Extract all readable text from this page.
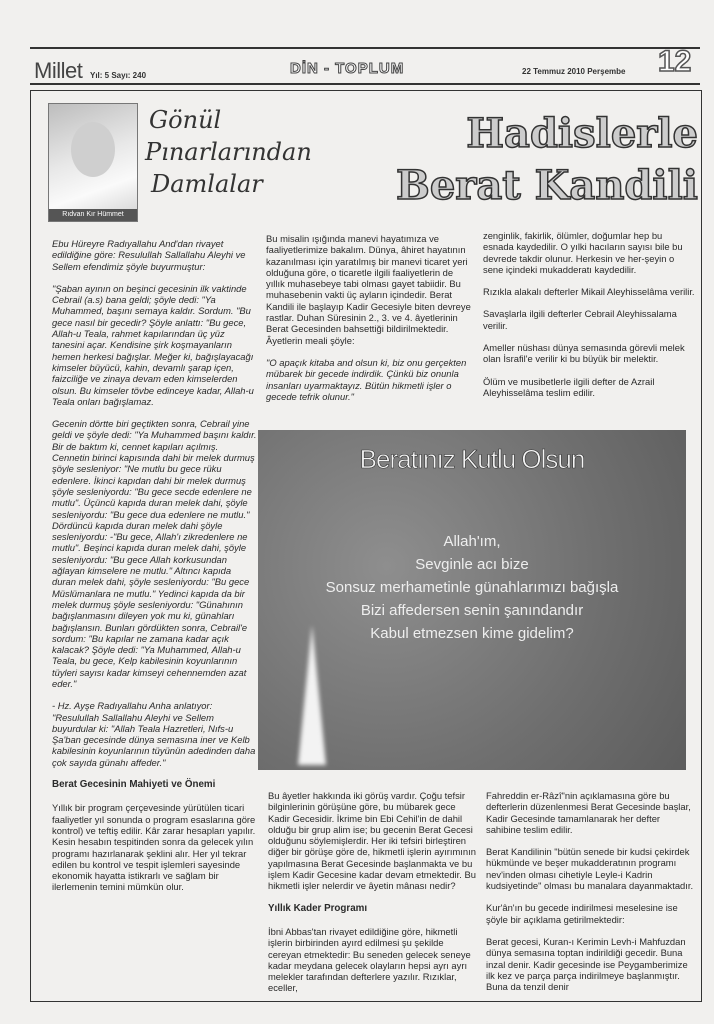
Millet Yıl: 5 Sayı: 240	DİN - TOPLUM	22 Temmuz 2010 Perşembe 12
Rıdvan Kır Hümmet
Gönül
Pınarlarından
Damlalar
Hadislerle
Berat Kandili

Ebu Hüreyre Radıyallahu And'dan rivayet edildiğine göre: Resulullah Sallallahu Aleyhi ve Sellem efendimiz şöyle buyurmuştur:

"Şaban ayının on beşinci gecesinin ilk vaktinde Cebrail (a.s) bana geldi; şöyle dedi: "Ya Muhammed, başını semaya kaldır. Sordum. "Bu gece nasıl bir gecedir? Şöyle anlattı: "Bu gece, Allah-u Teala, rahmet kapılarından üç yüz tanesini açar. Kendisine şirk koşmayanların hemen herkesi bağışlar. Meğer ki, bağışlayacağı kimseler büyücü, kahin, devamlı şarap içen, faizciliğe ve zinaya devam eden kimselerden olsun. Bu kimseler tövbe edinceye kadar, Allah-u Teala onları bağışlamaz.

Gecenin dörtte biri geçtikten sonra, Cebrail yine geldi ve şöyle dedi: "Ya Muhammed başını kaldır. Bir de baktım ki, cennet kapıları açılmış. Cennetin birinci kapısında dahi bir melek durmuş şöyle sesleniyor: "Ne mutlu bu gece rüku edenlere. İkinci kapıdan dahi bir melek durmuş şöyle sesleniyordu: "Bu gece secde edenlere ne mutlu". Üçüncü kapıda duran melek dahi, şöyle sesleniyordu: "Bu gece dua edenlere ne mutlu." Dördüncü kapıda duran melek dahi şöyle sesleniyordu: -"Bu gece, Allah'ı zikredenlere ne mutlu". Beşinci kapıda duran melek dahi, şöyle sesleniyordu: "Bu gece Allah korkusundan ağlayan kimselere ne mutlu." Altıncı kapıda duran melek dahi, şöyle sesleniyordu: "Bu gece Müslümanlara ne mutlu." Yedinci kapıda da bir melek durmuş şöyle sesleniyordu: "Günahının bağışlanmasını dileyen yok mu ki, günahları bağışlansın. Bunları gördükten sonra, Cebrail'e sordum: "Bu kapılar ne zamana kadar açık kalacak? Şöyle dedi: "Ya Muhammed, Allah-u Teala, bu gece, Kelp kabilesinin koyunlarının tüyleri sayısı kadar kimseyi cehennemden azat eder."

- Hz. Ayşe Radıyallahu Anha anlatıyor: "Resulullah Sallallahu Aleyhi ve Sellem buyurdular ki: "Allah Teala Hazretleri, Nıfs-u Şa'ban gecesinde dünya semasına iner ve Kelb kabilesinin koyunlarının tüyünün adedinden daha çok sayıda günahı affeder."

Berat Gecesinin Mahiyeti ve Önemi

Yıllık bir program çerçevesinde yürütülen ticari faaliyetler yıl sonunda o program esaslarına göre kontrol) ve teftiş edilir. Kâr zarar hesapları yapılır. Kesin hesabın tespitinden sonra da gelecek yılın programı hazırlanarak şeklini alır. Her yıl tekrar edilen bu kontrol ve tespit işlemleri sayesinde ekonomik hayatta istikrarlı ve sağlam bir ilerlemenin temini mümkün olur.

Bu misalin ışığında manevi hayatımıza ve faaliyetlerimize bakalım. Dünya, âhiret hayatının kazanılması için yaratılmış bir manevi ticaret yeri olduğuna göre, o ticaretle ilgili faaliyetlerin de yıllık muhasebeye tabi olması gayet tabiidir. Bu muhasebenin vakti üç ayların içindedir. Berat Kandili ile başlayıp Kadir Gecesiyle biten devreye rastlar. Duhan Süresinin 2., 3. ve 4. âyetlerinin Berat Gecesinden bahsettiği bildirilmektedir. Âyetlerin meali şöyle:

"O apaçık kitaba and olsun ki, biz onu gerçekten mübarek bir gecede indirdik. Çünkü biz onunla insanları uyarmaktayız. Bütün hikmetli işler o gecede tefrik olunur."

zenginlik, fakirlik, ölümler, doğumlar hep bu esnada kaydedilir. O yılki hacıların sayısı bile bu devrede takdir olunur. Herkesin ve her-şeyin o sene içindeki mukadderatı kaydedilir.

Rızıkla alakalı defterler Mikail Aleyhisselâma verilir.

Savaşlarla ilgili defterler Cebrail Aleyhissalama verilir.

Ameller nüshası dünya semasında görevli melek olan İsrafil'e verilir ki bu büyük bir melektir.

Ölüm ve musibetlerle ilgili defter de Azrail Aleyhisselâma teslim edilir.

Beratınız Kutlu Olsun
Allah'ım,
Sevginle acı bize
Sonsuz merhametinle günahlarımızı bağışla
Bizi affedersen senin şanındandır
Kabul etmezsen kime gidelim?

Bu âyetler hakkında iki görüş vardır. Çoğu tefsir bilginlerinin görüşüne göre, bu mübarek gece Kadir Gecesidir. İkrime bin Ebi Cehil'in de dahil olduğu bir grup alim ise; bu gecenin Berat Gecesi olduğunu söylemişlerdir. Her iki tefsiri birleştiren diğer bir görüşe göre de, hikmetli işlerin ayırımının yapılmasına Berat Gecesinde başlanmakta ve bu işlem Kadir Gecesine kadar devam etmektedir. Bu hikmetli işler nelerdir ve âyetin mânası nedir?

Yıllık Kader Programı

İbni Abbas'tan rivayet edildiğine göre, hikmetli işlerin birbirinden ayırd edilmesi şu şekilde cereyan etmektedir: Bu seneden gelecek seneye kadar meydana gelecek olayların hepsi ayrı ayrı melekler tarafından defterlere yazılır. Rızıklar, eceller,

Fahreddin er-Râzî"nin açıklamasına göre bu defterlerin düzenlenmesi Berat Gecesinde başlar, Kadir Gecesinde tamamlanarak her defter sahibine teslim edilir.

Berat Kandilinin "bütün senede bir kudsi çekirdek hükmünde ve beşer mukadderatının programı nev'inden olması cihetiyle Leyle-i Kadrin kudsiyetinde" olması bu manalara dayanmaktadır.

Kur'ân'ın bu gecede indirilmesi meselesine ise şöyle bir açıklama getirilmektedir:

Berat gecesi, Kuran-ı Kerimin Levh-i Mahfuzdan dünya semasına toptan indirildiği gecedir. Buna inzal denir. Kadir gecesinde ise Peygamberimize ilk kez ve parça parça indirilmeye başlanmıştır. Buna da tenzil denir
